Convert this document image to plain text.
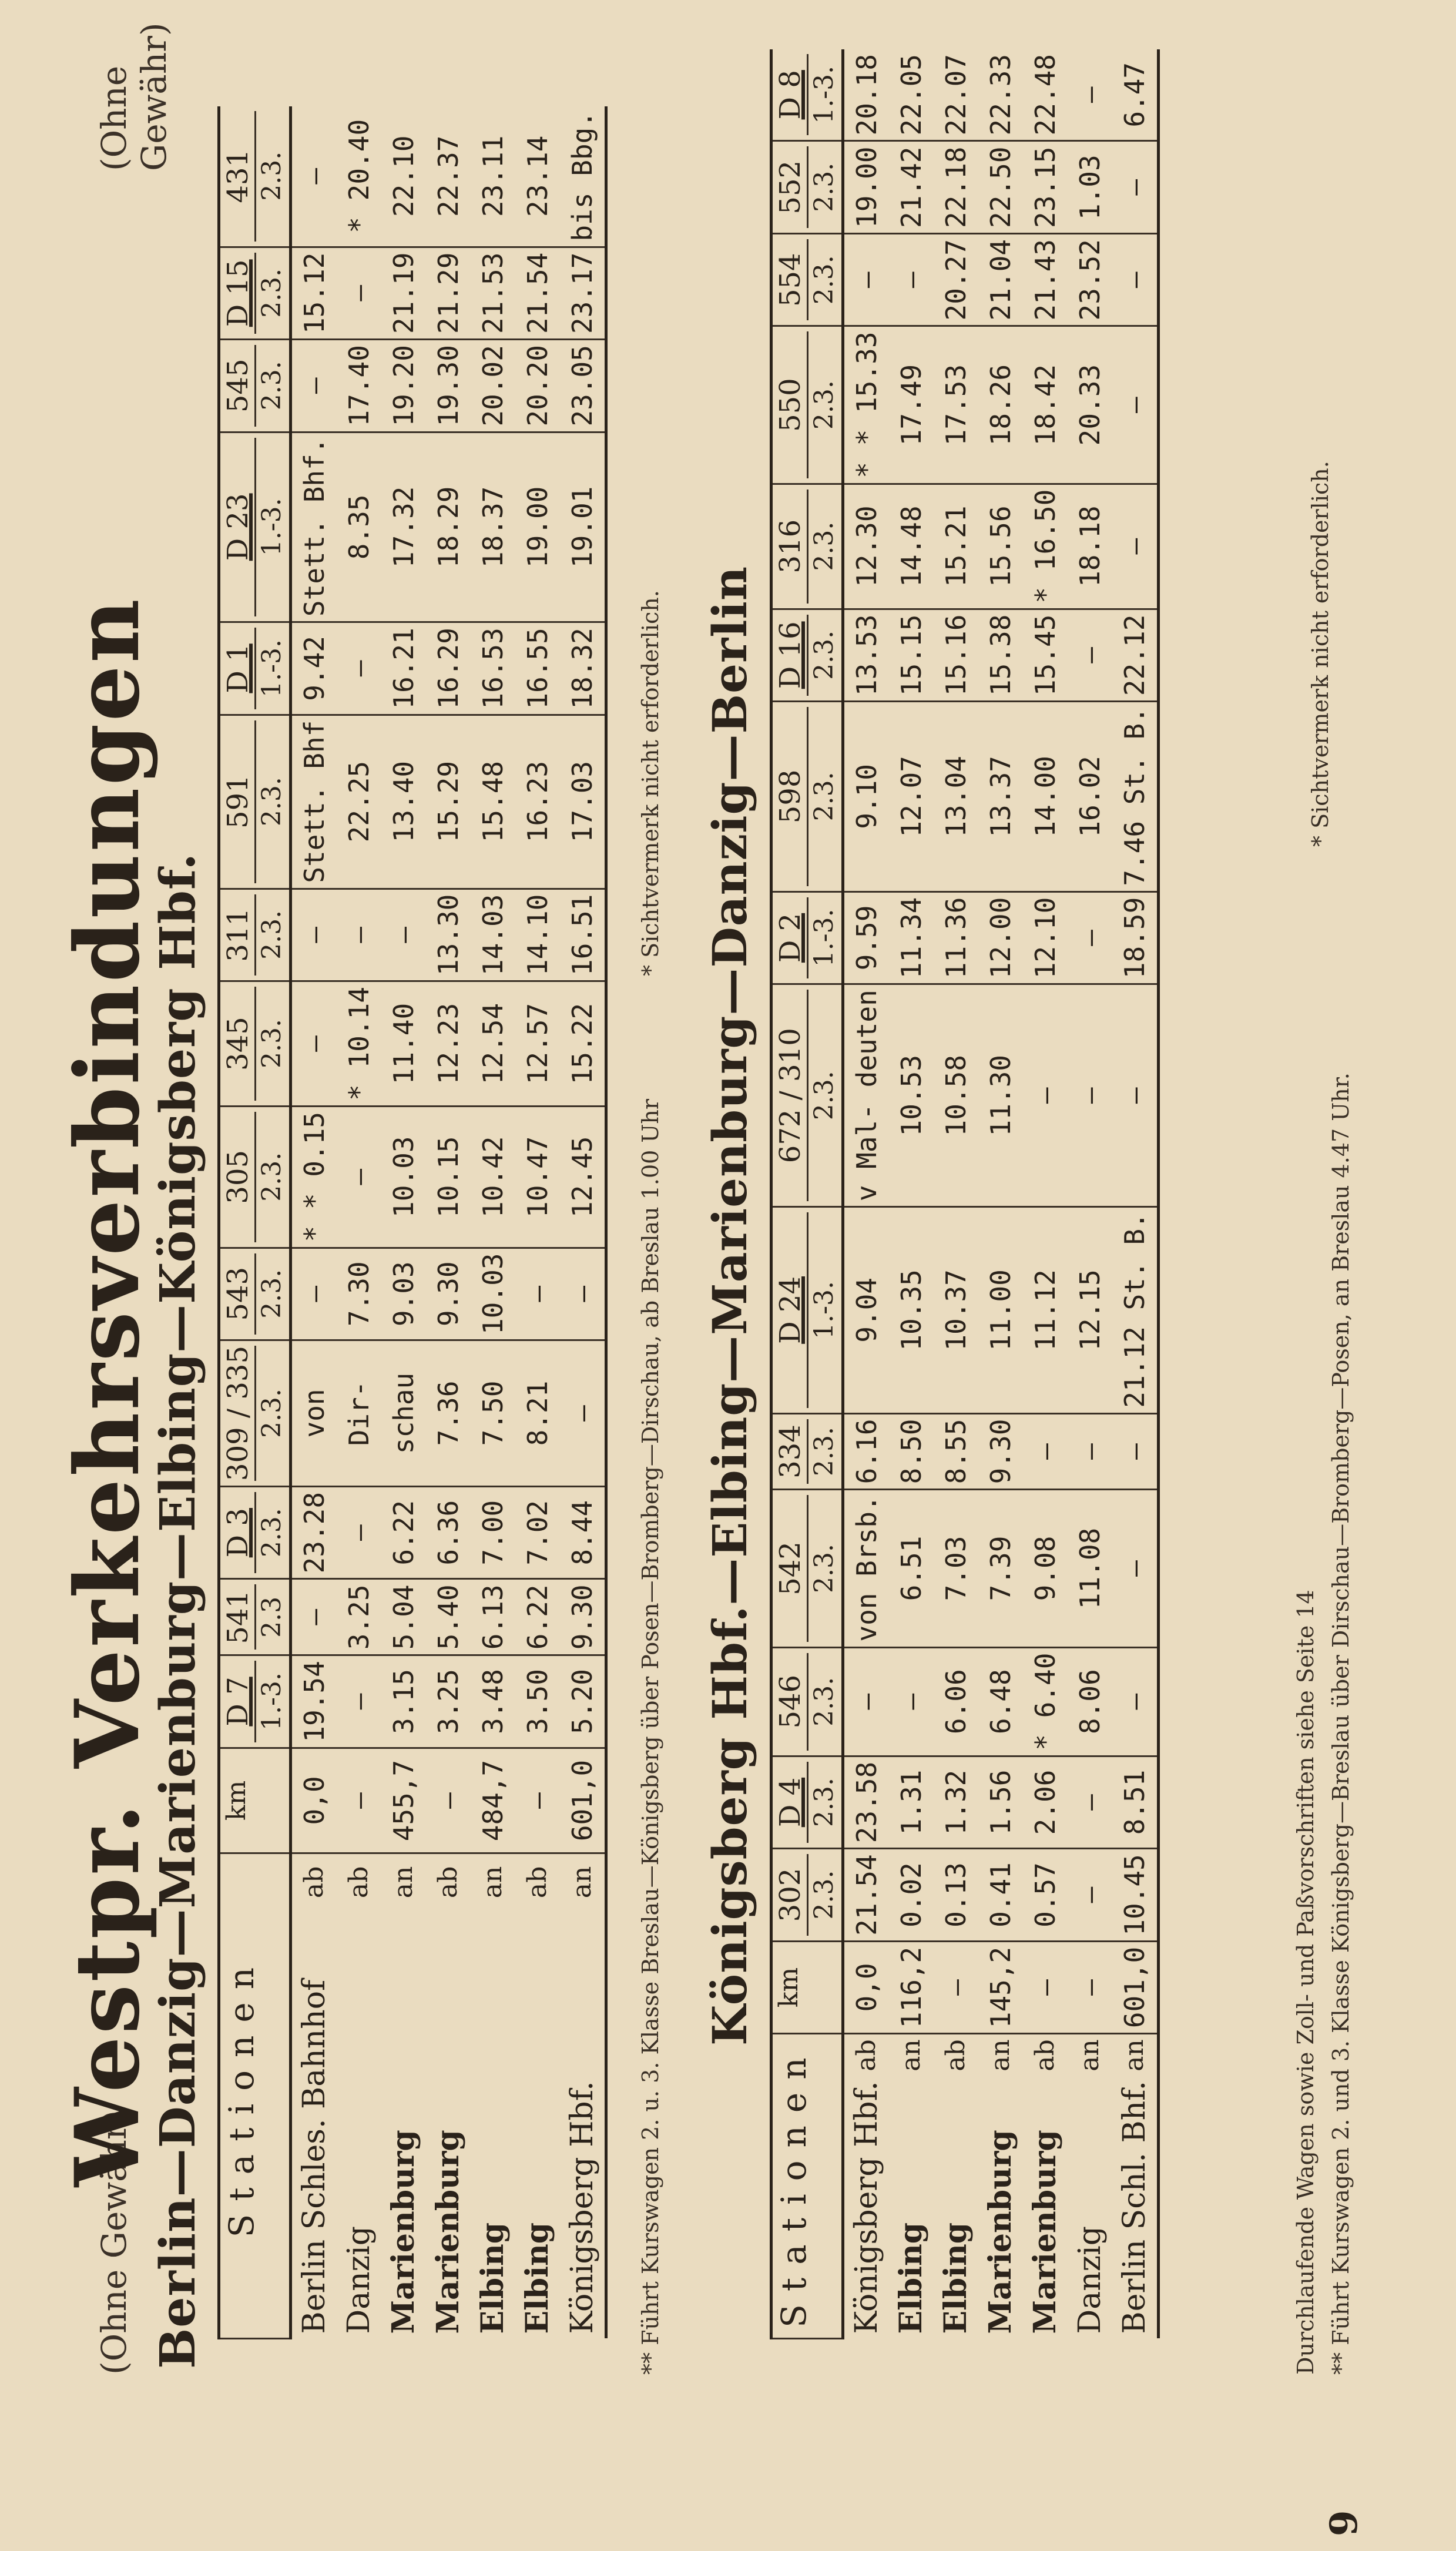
(Ohne Gewähr)
Westpr. Verkehrsverbindungen
(Ohne Gewähr)
Berlin—Danzig—Marienburg—Elbing—Königsberg Hbf. Stationen		km	D 7 1.-3.	541 2.3	D 3 2.3.	309 / 335 2.3.	543 2.3.	305 2.3.	345 2.3.	311 2.3.	591 2.3.	D 1 1.-3.	D 23 1.-3.	545 2.3.	D 15 2.3.	431 2.3.

Berlin Schles. Bahnhof	ab	0,0	19.54	—	23.28	von	—	* * 0.15	—	—	Stett. Bhf	9.42	Stett. Bhf.	—	15.12	—
Danzig	ab	—	—	3.25	—	Dir-	7.30	—	* 10.14	—	22.25	—	8.35	17.40	—	* 20.40
Marienburg	an	455,7	3.15	5.04	6.22	schau	9.03	10.03	11.40	—	13.40	16.21	17.32	19.20	21.19	22.10
Marienburg	ab	—	3.25	5.40	6.36	7.36	9.30	10.15	12.23	13.30	15.29	16.29	18.29	19.30	21.29	22.37
Elbing	an	484,7	3.48	6.13	7.00	7.50	10.03	10.42	12.54	14.03	15.48	16.53	18.37	20.02	21.53	23.11
Elbing	ab	—	3.50	6.22	7.02	8.21	—	10.47	12.57	14.10	16.23	16.55	19.00	20.20	21.54	23.14
Königsberg Hbf.	an	601,0	5.20	9.30	8.44	—	—	12.45	15.22	16.51	17.03	18.32	19.01	23.05	23.17	bis Bbg.
** Führt Kurswagen 2. u. 3. Klasse Breslau—Königsberg über Posen—Bromberg—Dirschau, ab Breslau 1.00 Uhr
* Sichtvermerk nicht erforderlich. Königsberg Hbf.—Elbing—Marienburg—Danzig—Berlin
Stationen		km	302 2.3.	D 4 2.3.	546 2.3.	542 2.3.	334 2.3.	D 24 1.-3.	672 / 310 2.3.	D 2 1.-3.	598 2.3.	D 16 2.3.	316 2.3.	550 2.3.	554 2.3.	552 2.3.	D 8 1.-3.

Königsberg Hbf.	ab	0,0	21.54	23.58	—	von Brsb.	6.16	9.04	v Mal- deuten	9.59	9.10	13.53	12.30	* * 15.33	—	19.00	20.18
Elbing	an	116,2	0.02	1.31	—	6.51	8.50	10.35	10.53	11.34	12.07	15.15	14.48	17.49	—	21.42	22.05
Elbing	ab	—	0.13	1.32	6.06	7.03	8.55	10.37	10.58	11.36	13.04	15.16	15.21	17.53	20.27	22.18	22.07
Marienburg	an	145,2	0.41	1.56	6.48	7.39	9.30	11.00	11.30	12.00	13.37	15.38	15.56	18.26	21.04	22.50	22.33
Marienburg	ab	—	0.57	2.06	* 6.40	9.08	—	11.12	—	12.10	14.00	15.45	* 16.50	18.42	21.43	23.15	22.48
Danzig	an	—	—	—	8.06	11.08	—	12.15	—	—	16.02	—	18.18	20.33	23.52	1.03	—
Berlin Schl. Bhf.	an	601,0	10.45	8.51	—	—	—	21.12 St. B.	—	18.59	7.46 St. B.	22.12	—	—	—	—	6.47
Durchlaufende Wagen sowie Zoll- und Paßvorschriften siehe Seite 14 ** Führt Kurswagen 2. und 3. Klasse Königsberg—Breslau über Dirschau—Bromberg—Posen, an Breslau 4.47 Uhr.
* Sichtvermerk nicht erforderlich.
9
